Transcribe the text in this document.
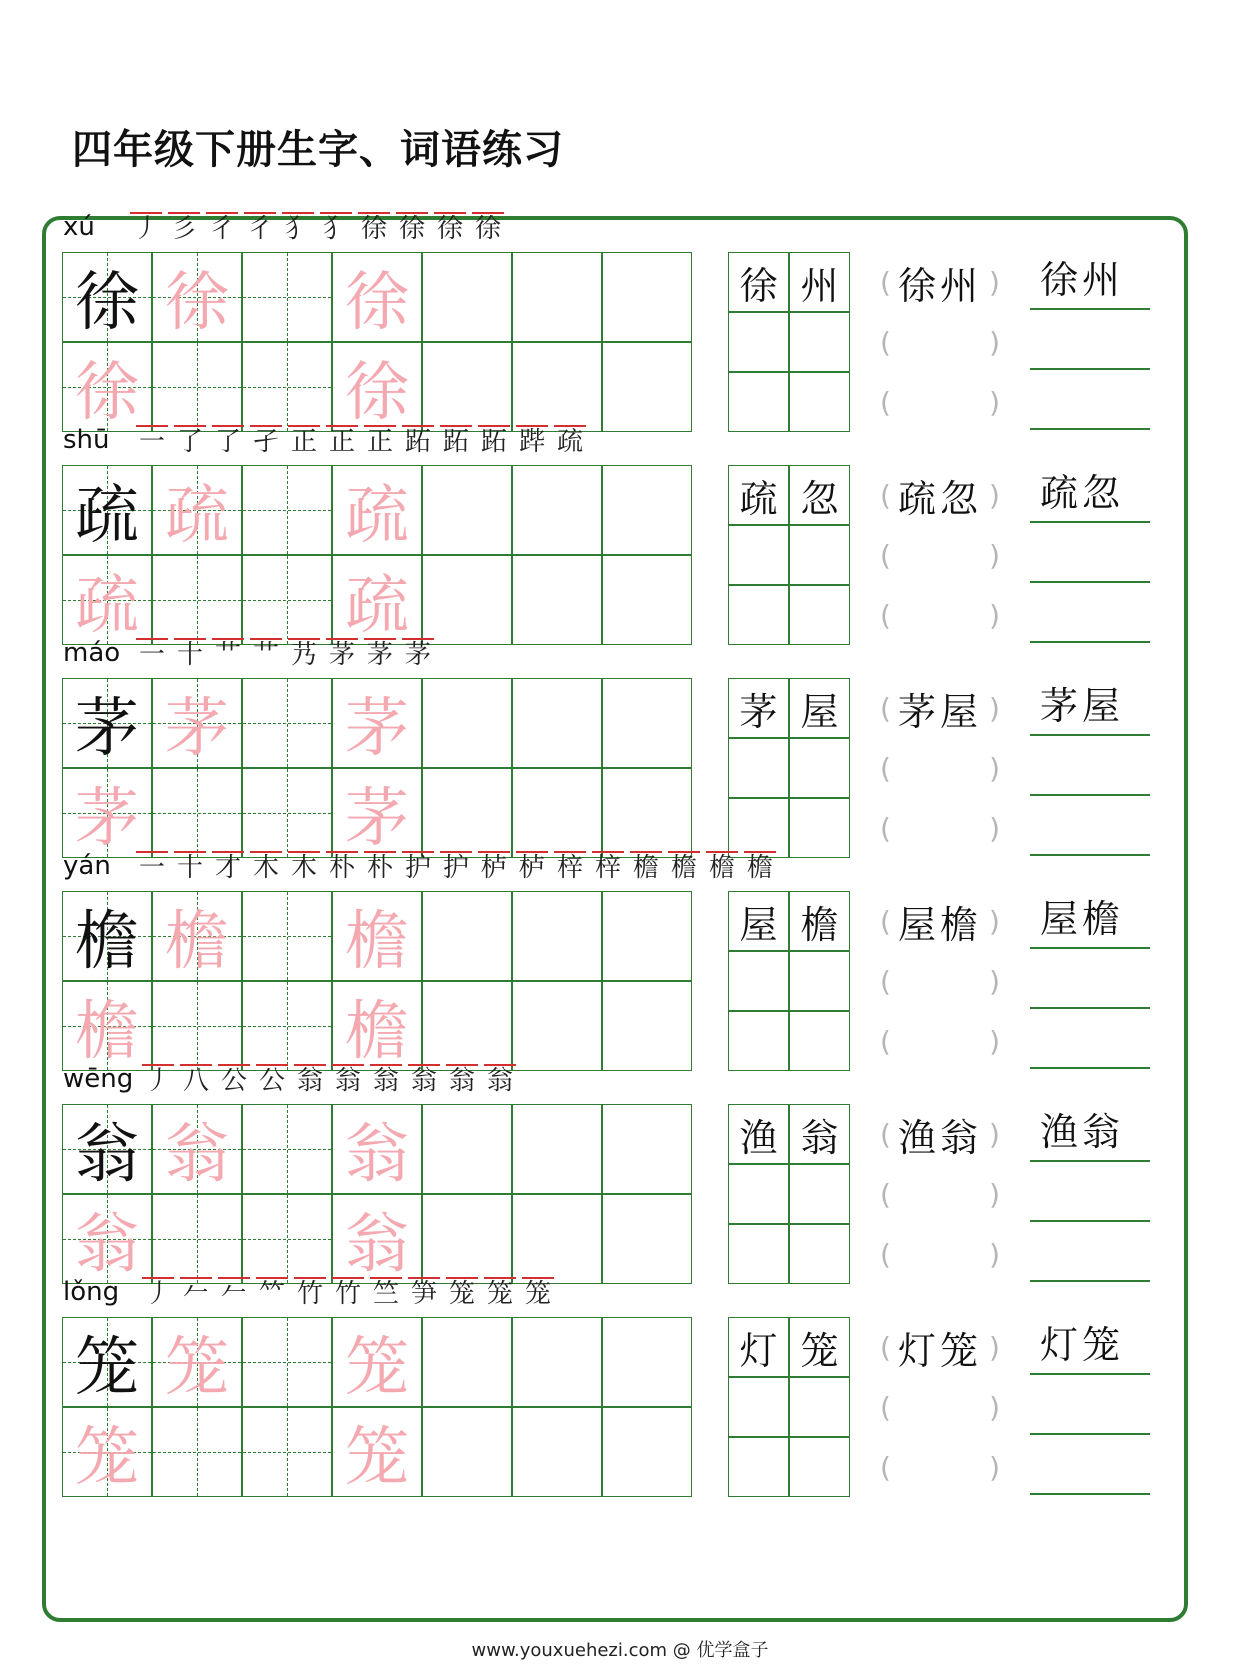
四年级下册生字、词语练习
xú 丿 彡 彳 彳 犭 犭 徐 徐 徐 徐
徐 徐 徐
徐	徐
徐 州	( 徐州 )
(	)
(	)
徐州
shū 一 了 了 孑 正 正 正 跖 跖 跖 跸 疏
疏 疏 疏
疏	疏
疏 忽	( 疏忽 )
(	)
(	)
疏忽
máo 一 十 艹 艹 艿 茅 茅 茅
茅 茅 茅
茅	茅
茅 屋	( 茅屋 )
(	)
(	)
茅屋
yán 一 十 才 木 木 朴 朴 护 护 栌 栌 梓 梓 檐 檐 檐 檐
檐 檐 檐
檐	檐
屋 檐	( 屋檐 )
(	)
(	)
屋檐
wēng 丿 八 公 公 翁 翁 翁 翁 翁 翁
翁 翁 翁
翁	翁
渔 翁	( 渔翁 )
(	)
(	)
渔翁
lǒng 丿 𠂉 𠂉 𥫗 竹 竹 竺 笋 笼 笼 笼
笼 笼 笼
笼	笼
灯 笼	( 灯笼 )
(	)
(	)
灯笼
www.youxuehezi.com @ 优学盒子
